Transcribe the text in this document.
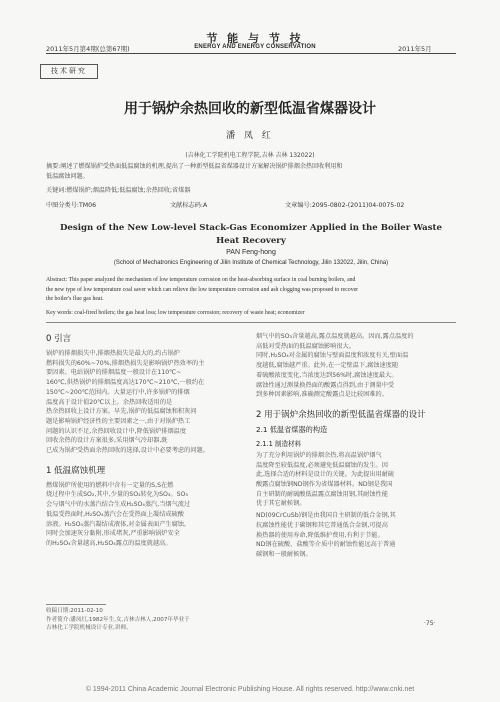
2011年5月第4期(总第67期)
节 能 与 节 技
ENERGY AND ENERGY CONSERVATION	2011年5月
技术研究
用于锅炉余热回收的新型低温省煤器设计
潘 凤 红
(吉林化工学院机电工程学院,吉林 吉林 132022)
摘要:阐述了燃煤锅炉受热面低温腐蚀的机理,提出了一种新型低温省煤器设计方案解决锅炉排烟余热回收利用和
低温腐蚀问题。
关键词:燃煤锅炉;烟温降低;低温腐蚀;余热回收;省煤器
中图分类号:TM06	文献标志码:A	文章编号:2095-0802-(2011)04-0075-02
Design of the New Low-level Stack-Gas Economizer Applied in the Boiler Waste
Heat Recovery
PAN Feng-hong
(School of Mechatronics Engineering of Jilin Institute of Chemical Technology, Jilin 132022, Jilin, China)
Abstract: This paper analyzed the mechanism of low temperature corrosion on the heat-absorbing surface in coal burning boilers, and
the new type of low temperature coal saver which can relieve the low temperature corrosion and ash clogging was proposed to recover
the boiler's flue gas heat.
Key words: coal-fired boilers; the gas heat loss; low temperature corrosion; recovery of waste heat; economizer
0 引言
锅炉的排烟损失中,排烟热损失是最大的,约占锅炉
燃料损失的60%~70%,排烟热损失是影响锅炉热效率的主
要因素。电站锅炉的排烟温度一般设计在110℃~
160℃,供热锅炉的排烟温度高达170℃~210℃,一般约在
150℃~200℃范围内。大量运行中,许多锅炉的排烟
温度高于设计值20℃以上。余热回收适用的是
热余热回收上设计方案。早先,锅炉的低温腐蚀和积灰问
题是影响锅炉经济性的主要因素之一,由于对锅炉热工
问题的认识不足,余热回收设计中,降低锅炉排烟温度
回收余热的设计方案很多,采用烟气冷却器,既
已成为锅炉受热面余热回收的选择,设计中必要考虑的问题。
1 低温腐蚀机理
燃煤锅炉所使用的燃料中含有一定量的S,S在燃
烧过程中生成SO₂,其中,少量的SO₂转化为SO₃。SO₃
会与烟气中的水蒸汽结合生成H₂SO₄蒸汽,当烟气流过
低温受热面时,H₂SO₄蒸汽会在受热面上凝结成硫酸
溶液。H₂SO₄蒸汽凝结成液体,对金属表面产生腐蚀,
同时会加速灰分黏附,形成堵灰,严重影响锅炉安全
的H₂SO₄含量越高,H₂SO₄露点的温度就越高。
收稿日期:2011-02-10
作者简介:潘凤红,1982年生,女,吉林吉林人,2007年毕业于
吉林化工学院机械设计专业,讲师。
烟气中的SO₃含量越高,露点温度就越高。因而,露点温度的
高低对受热面的低温腐蚀影响很大。
同时,H₂SO₄对金属的腐蚀与壁面温度和浓度有关,壁面温
度越低,腐蚀越严重。此外,在一定壁温下,腐蚀速度随
着硫酸浓度变化,当浓度达到56%时,腐蚀速度最大。
腐蚀性通过测量换热面的酸露点得到,由于测量中受
到多种因素影响,准确测定酸露点是比较困难的。
2 用于锅炉余热回收的新型低温省煤器的设计
2.1 低温省煤器的构造
2.1.1 制造材料
为了充分利用锅炉的排烟余热,将高温锅炉烟气
温度降至较低温度,必须避免低温腐蚀的发生。因
此,选择合适的材料是设计的关键。为此提出用耐硫
酸露点腐蚀钢ND钢作为省煤器材料。ND钢是我国
自主研制的耐硫酸低温露点腐蚀用钢,其耐蚀性能
优于其它耐候钢。
ND(09CrCuSb)钢是由我国自主研制的低合金钢,其
抗腐蚀性能优于碳钢和其它普通低合金钢,可提高
换热器的使用寿命,降低维护费用,有利于节能。
ND钢在硫酸、盐酸等介质中的耐蚀性能远高于普通
碳钢和一般耐候钢。
·75·
© 1994-2011 China Academic Journal Electronic Publishing House. All rights reserved. http://www.cnki.net
